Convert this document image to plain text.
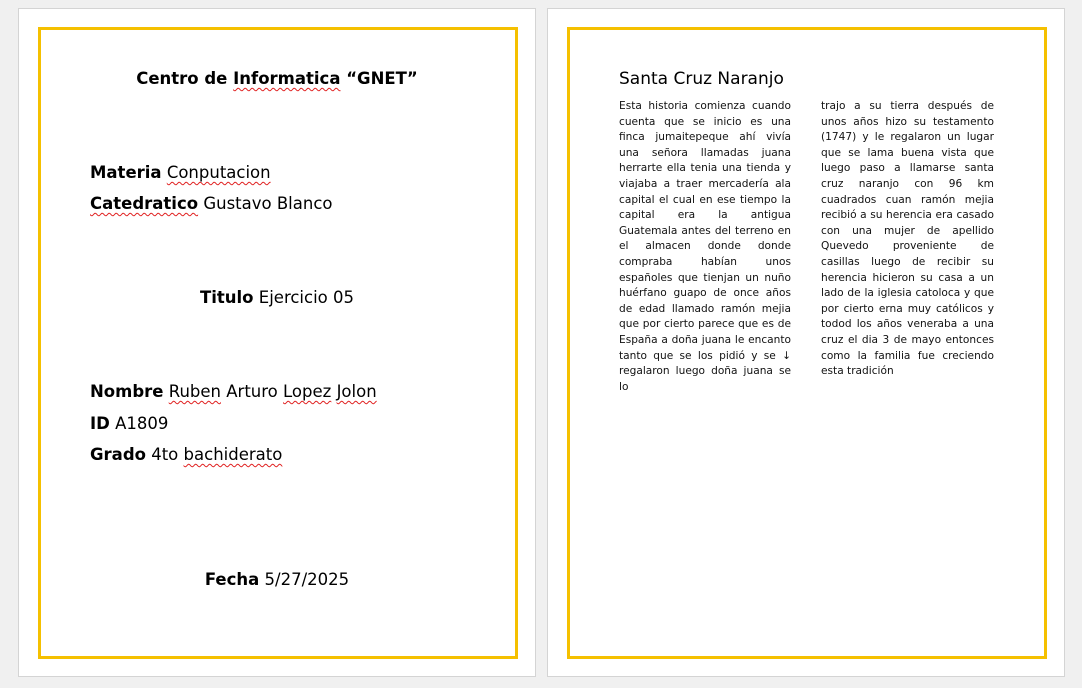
Centro de Informatica “GNET”
Materia Conputacion
Catedratico Gustavo Blanco
Titulo Ejercicio 05
Nombre Ruben Arturo Lopez Jolon
ID A1809
Grado 4to bachiderato
Fecha 5/27/2025
Santa Cruz Naranjo
Esta historia comienza cuando cuenta que se inicio es una finca jumaitepeque ahí vivía una señora llamadas juana herrarte ella tenia una tienda y viajaba a traer mercadería ala capital el cual en ese tiempo la capital era la antigua Guatemala antes del terreno en el almacen donde donde compraba habían unos españoles que tienjan un nuño huérfano guapo de once años de edad llamado ramón mejia que por cierto parece que es de España a doña juana le encanto tanto que se los pidió y se ↓ regalaron luego doña juana se lo
trajo a su tierra después de unos años hizo su testamento (1747) y le regalaron un lugar que se lama buena vista que luego paso a llamarse santa cruz naranjo con 96 km cuadrados cuan ramón mejia recibió a su herencia era casado con una mujer de apellido Quevedo proveniente de casillas luego de recibir su herencia hicieron su casa a un lado de la iglesia catoloca y que por cierto erna muy católicos y todod los años veneraba a una cruz el dia 3 de mayo entonces como la familia fue creciendo esta tradición
